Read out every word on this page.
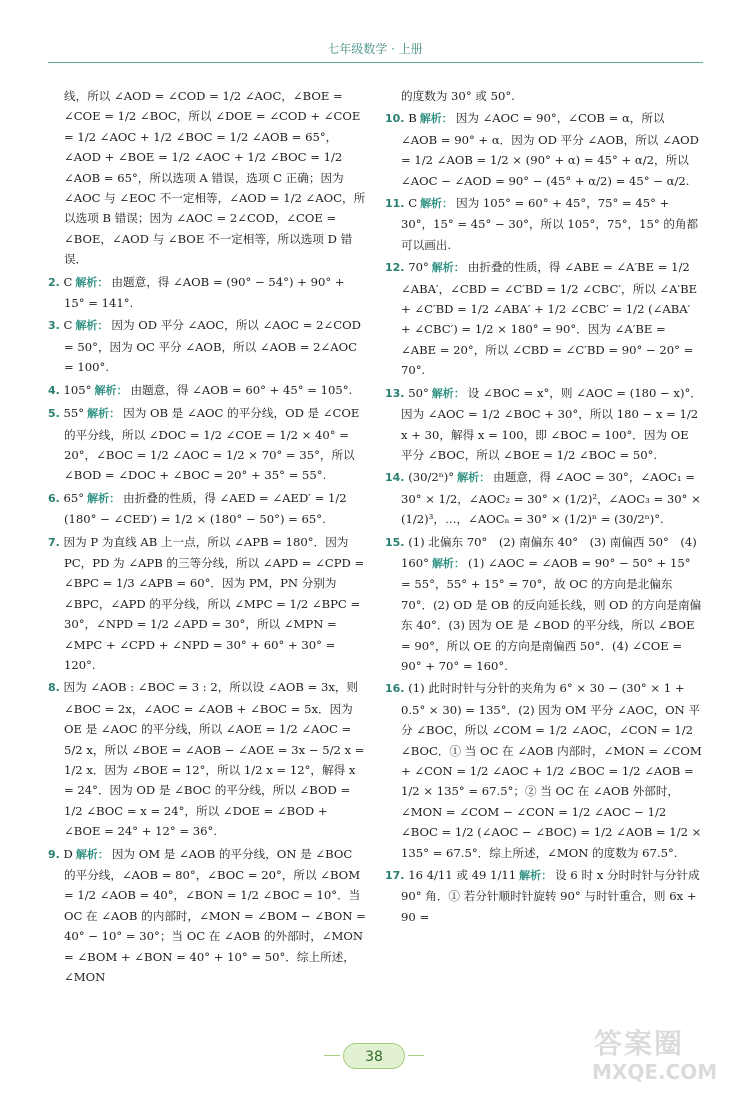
七年级数学 · 上册

线，所以 ∠AOD = ∠COD = 1/2 ∠AOC，∠BOE = ∠COE = 1/2 ∠BOC，所以 ∠DOE = ∠COD + ∠COE = 1/2 ∠AOC + 1/2 ∠BOC = 1/2 ∠AOB = 65°，∠AOD + ∠BOE = 1/2 ∠AOC + 1/2 ∠BOC = 1/2 ∠AOB = 65°，所以选项 A 错误，选项 C 正确；因为 ∠AOC 与 ∠EOC 不一定相等，∠AOD = 1/2 ∠AOC，所以选项 B 错误；因为 ∠AOC = 2∠COD，∠COE = ∠BOE，∠AOD 与 ∠BOE 不一定相等，所以选项 D 错误．

2. C 解析： 由题意，得 ∠AOB = (90° − 54°) + 90° + 15° = 141°.

3. C 解析： 因为 OD 平分 ∠AOC，所以 ∠AOC = 2∠COD = 50°，因为 OC 平分 ∠AOB，所以 ∠AOB = 2∠AOC = 100°.

4. 105° 解析： 由题意，得 ∠AOB = 60° + 45° = 105°.

5. 55° 解析： 因为 OB 是 ∠AOC 的平分线，OD 是 ∠COE 的平分线，所以 ∠DOC = 1/2 ∠COE = 1/2 × 40° = 20°，∠BOC = 1/2 ∠AOC = 1/2 × 70° = 35°，所以 ∠BOD = ∠DOC + ∠BOC = 20° + 35° = 55°.

6. 65° 解析： 由折叠的性质，得 ∠AED = ∠AED′ = 1/2 (180° − ∠CED′) = 1/2 × (180° − 50°) = 65°.

7. 因为 P 为直线 AB 上一点，所以 ∠APB = 180°．因为 PC，PD 为 ∠APB 的三等分线，所以 ∠APD = ∠CPD = ∠BPC = 1/3 ∠APB = 60°．因为 PM，PN 分别为 ∠BPC，∠APD 的平分线，所以 ∠MPC = 1/2 ∠BPC = 30°，∠NPD = 1/2 ∠APD = 30°，所以 ∠MPN = ∠MPC + ∠CPD + ∠NPD = 30° + 60° + 30° = 120°.

8. 因为 ∠AOB : ∠BOC = 3 : 2，所以设 ∠AOB = 3x，则 ∠BOC = 2x，∠AOC = ∠AOB + ∠BOC = 5x．因为 OE 是 ∠AOC 的平分线，所以 ∠AOE = 1/2 ∠AOC = 5/2 x，所以 ∠BOE = ∠AOB − ∠AOE = 3x − 5/2 x = 1/2 x．因为 ∠BOE = 12°，所以 1/2 x = 12°，解得 x = 24°．因为 OD 是 ∠BOC 的平分线，所以 ∠BOD = 1/2 ∠BOC = x = 24°，所以 ∠DOE = ∠BOD + ∠BOE = 24° + 12° = 36°.

9. D 解析： 因为 OM 是 ∠AOB 的平分线，ON 是 ∠BOC 的平分线，∠AOB = 80°，∠BOC = 20°，所以 ∠BOM = 1/2 ∠AOB = 40°，∠BON = 1/2 ∠BOC = 10°．当 OC 在 ∠AOB 的内部时，∠MON = ∠BOM − ∠BON = 40° − 10° = 30°；当 OC 在 ∠AOB 的外部时，∠MON = ∠BOM + ∠BON = 40° + 10° = 50°．综上所述，∠MON

的度数为 30° 或 50°.

10. B 解析： 因为 ∠AOC = 90°，∠COB = α，所以 ∠AOB = 90° + α．因为 OD 平分 ∠AOB，所以 ∠AOD = 1/2 ∠AOB = 1/2 × (90° + α) = 45° + α/2，所以 ∠AOC − ∠AOD = 90° − (45° + α/2) = 45° − α/2.

11. C 解析： 因为 105° = 60° + 45°，75° = 45° + 30°，15° = 45° − 30°，所以 105°，75°，15° 的角都可以画出.

12. 70° 解析： 由折叠的性质，得 ∠ABE = ∠A′BE = 1/2 ∠ABA′，∠CBD = ∠C′BD = 1/2 ∠CBC′，所以 ∠A′BE + ∠C′BD = 1/2 ∠ABA′ + 1/2 ∠CBC′ = 1/2 (∠ABA′ + ∠CBC′) = 1/2 × 180° = 90°．因为 ∠A′BE = ∠ABE = 20°，所以 ∠CBD = ∠C′BD = 90° − 20° = 70°.

13. 50° 解析： 设 ∠BOC = x°，则 ∠AOC = (180 − x)°．因为 ∠AOC = 1/2 ∠BOC + 30°，所以 180 − x = 1/2 x + 30，解得 x = 100，即 ∠BOC = 100°．因为 OE 平分 ∠BOC，所以 ∠BOE = 1/2 ∠BOC = 50°.

14. (30/2ⁿ)° 解析： 由题意，得 ∠AOC = 30°，∠AOC₁ = 30° × 1/2，∠AOC₂ = 30° × (1/2)²，∠AOC₃ = 30° × (1/2)³，…，∠AOCₙ = 30° × (1/2)ⁿ = (30/2ⁿ)°.

15. (1) 北偏东 70°　(2) 南偏东 40°　(3) 南偏西 50°　(4) 160° 解析： (1) ∠AOC = ∠AOB = 90° − 50° + 15° = 55°，55° + 15° = 70°，故 OC 的方向是北偏东 70°．(2) OD 是 OB 的反向延长线，则 OD 的方向是南偏东 40°．(3) 因为 OE 是 ∠BOD 的平分线，所以 ∠BOE = 90°，所以 OE 的方向是南偏西 50°．(4) ∠COE = 90° + 70° = 160°.

16. (1) 此时时针与分针的夹角为 6° × 30 − (30° × 1 + 0.5° × 30) = 135°．(2) 因为 OM 平分 ∠AOC，ON 平分 ∠BOC，所以 ∠COM = 1/2 ∠AOC，∠CON = 1/2 ∠BOC．① 当 OC 在 ∠AOB 内部时，∠MON = ∠COM + ∠CON = 1/2 ∠AOC + 1/2 ∠BOC = 1/2 ∠AOB = 1/2 × 135° = 67.5°；② 当 OC 在 ∠AOB 外部时，∠MON = ∠COM − ∠CON = 1/2 ∠AOC − 1/2 ∠BOC = 1/2 (∠AOC − ∠BOC) = 1/2 ∠AOB = 1/2 × 135° = 67.5°．综上所述，∠MON 的度数为 67.5°.

17. 16 4/11 或 49 1/11 解析： 设 6 时 x 分时时针与分针成 90° 角．① 若分针顺时针旋转 90° 与时针重合，则 6x + 90 =

38	答案圈
MXQE.COM
